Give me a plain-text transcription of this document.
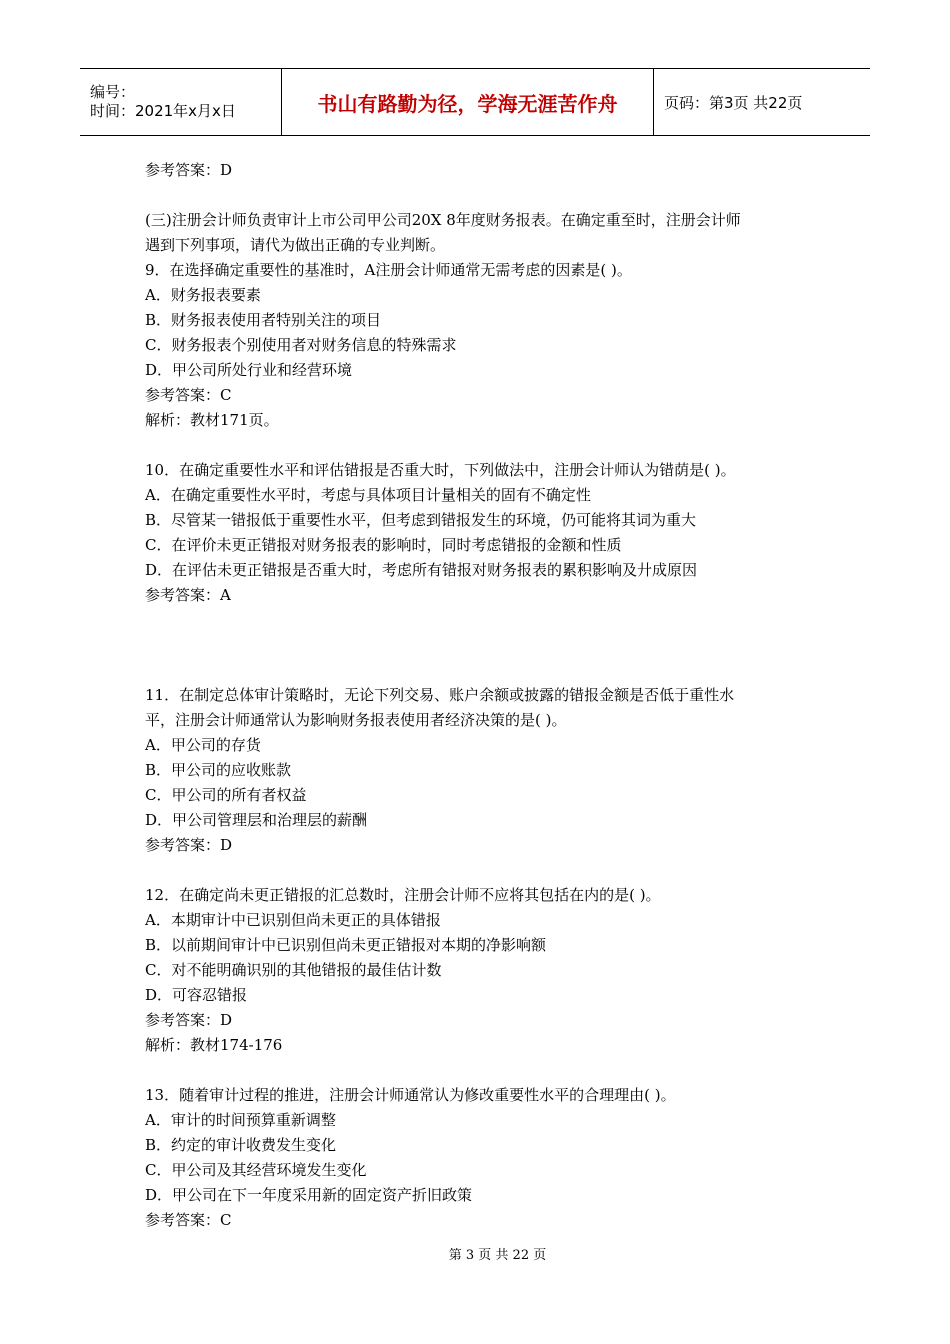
编号：
时间：2021年x月x日	书山有路勤为径，学海无涯苦作舟	页码：第3页 共22页
参考答案：D
(三)注册会计师负责审计上市公司甲公司20X 8年度财务报表。在确定重至时，注册会计师
遇到下列事项，请代为做出正确的专业判断。
9．在选择确定重要性的基准时，A注册会计师通常无需考虑的因素是( )。
A．财务报表要素
B．财务报表使用者特别关注的项目
C．财务报表个别使用者对财务信息的特殊需求
D．甲公司所处行业和经营环境
参考答案：C
解析：教材171页。
10．在确定重要性水平和评估错报是否重大时，下列做法中，注册会计师认为错荫是( )。
A．在确定重要性水平时，考虑与具体项目计量相关的固有不确定性
B．尽管某一错报低于重要性水平，但考虑到错报发生的环境，仍可能将其词为重大
C．在评价未更正错报对财务报表的影响时，同时考虑错报的金额和性质
D．在评估未更正错报是否重大时，考虑所有错报对财务报表的累积影响及廾成原因
参考答案：A
11．在制定总体审计策略时，无论下列交易、账户余额或披露的错报金额是否低于重性水
平，注册会计师通常认为影响财务报表使用者经济决策的是( )。
A．甲公司的存货
B．甲公司的应收账款
C．甲公司的所有者权益
D．甲公司管理层和治理层的薪酬
参考答案：D
12．在确定尚未更正错报的汇总数时，注册会计师不应将其包括在内的是( )。
A．本期审计中已识别但尚未更正的具体错报
B．以前期间审计中已识别但尚未更正错报对本期的净影响额
C．对不能明确识别的其他错报的最佳估计数
D．可容忍错报
参考答案：D
解析：教材174-176
13．随着审计过程的推进，注册会计师通常认为修改重要性水平的合理理由( )。
A．审计的时间预算重新调整
B．约定的审计收费发生变化
C．甲公司及其经营环境发生变化
D．甲公司在下一年度采用新的固定资产折旧政策
参考答案：C
第 3 页 共 22 页
